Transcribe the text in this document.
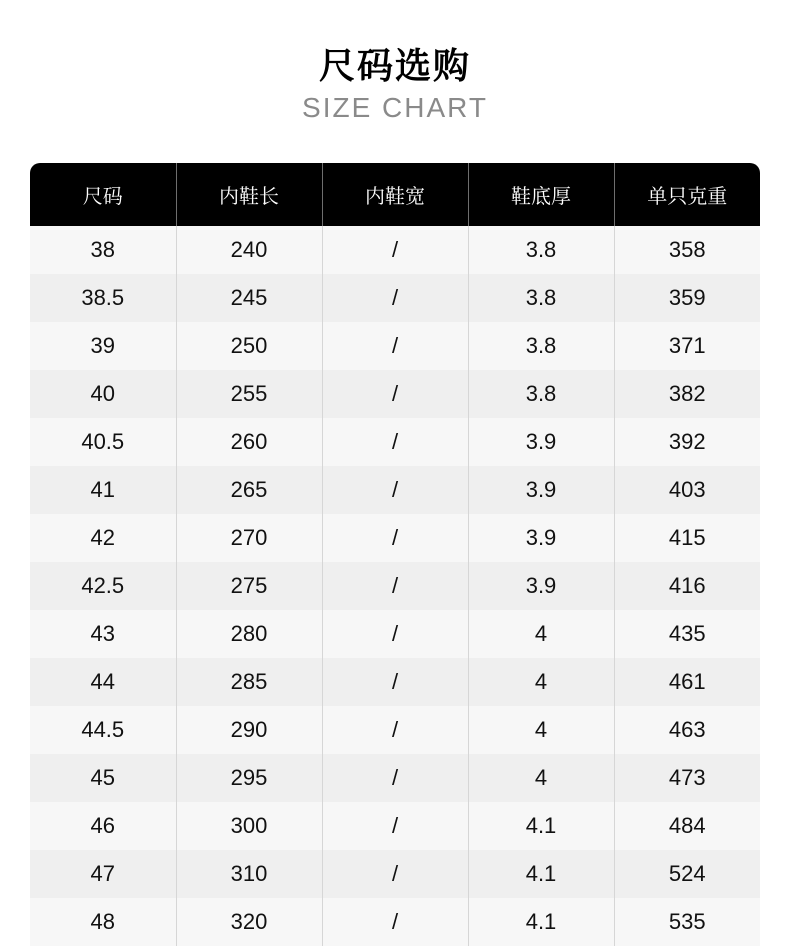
尺码选购
SIZE CHART
尺码	内鞋长	内鞋宽	鞋底厚	单只克重
38	240	/	3.8	358
38.5	245	/	3.8	359
39	250	/	3.8	371
40	255	/	3.8	382
40.5	260	/	3.9	392
41	265	/	3.9	403
42	270	/	3.9	415
42.5	275	/	3.9	416
43	280	/	4	435
44	285	/	4	461
44.5	290	/	4	463
45	295	/	4	473
46	300	/	4.1	484
47	310	/	4.1	524
48	320	/	4.1	535
